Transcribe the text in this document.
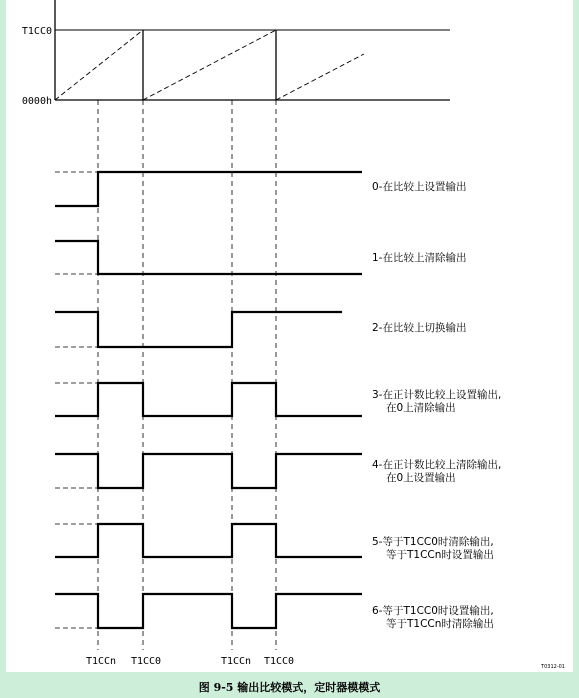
T1CC0
0000h
0-在比较上设置输出
1-在比较上清除输出
2-在比较上切换输出
3-在正计数比较上设置输出,
在0上清除输出
4-在正计数比较上清除输出,
在0上设置输出
5-等于T1CC0时清除输出,
等于T1CCn时设置输出
6-等于T1CC0时设置输出,
等于T1CCn时清除输出
T1CCn T1CC0	T1CCn T1CC0	T0312-01
图 9-5 输出比较模式，定时器模模式
